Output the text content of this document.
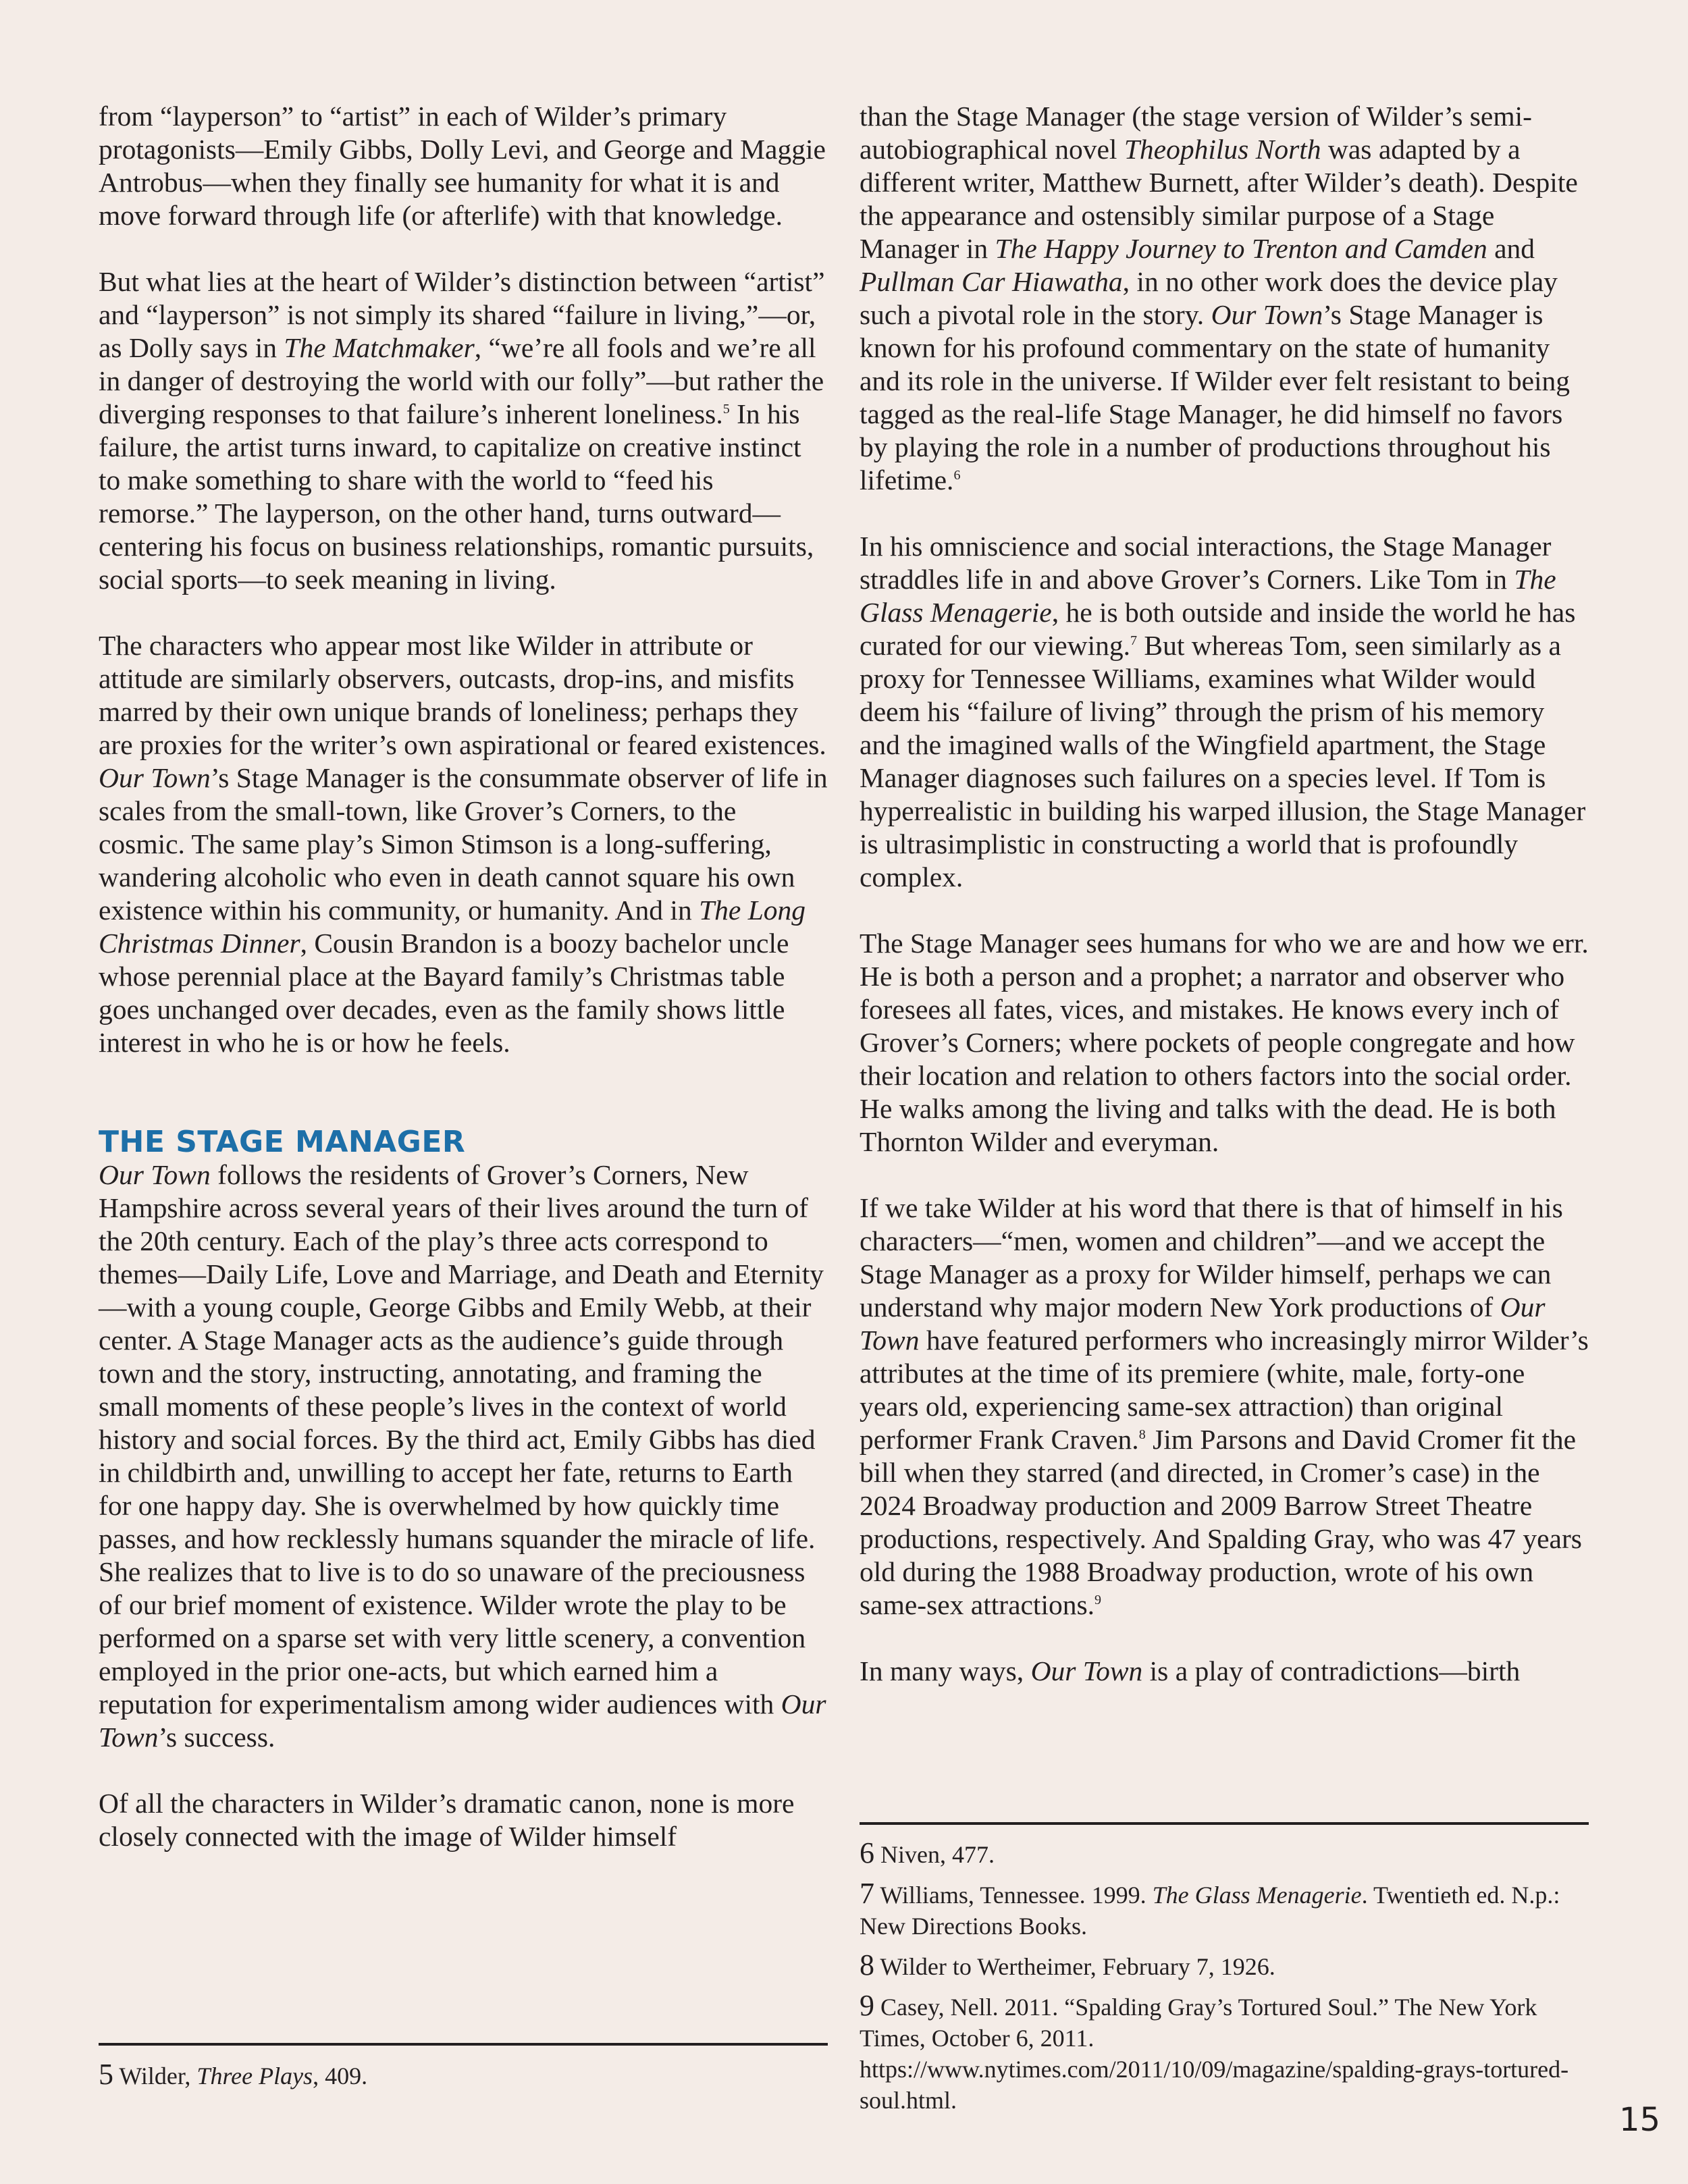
from “layperson” to “artist” in each of Wilder’s primary protagonists—Emily Gibbs, Dolly Levi, and George and Maggie Antrobus—when they finally see humanity for what it is and move forward through life (or afterlife) with that knowledge.

But what lies at the heart of Wilder’s distinction between “artist” and “layperson” is not simply its shared “failure in living,”—or, as Dolly says in The Matchmaker, “we’re all fools and we’re all in danger of destroying the world with our folly”—but rather the diverging responses to that failure’s inherent loneliness.$^5$ In his failure, the artist turns inward, to capitalize on creative instinct to make something to share with the world to “feed his remorse.” The layperson, on the other hand, turns outward—centering his focus on business relationships, romantic pursuits, social sports—to seek meaning in living.

The characters who appear most like Wilder in attribute or attitude are similarly observers, outcasts, drop-ins, and misfits marred by their own unique brands of loneliness; perhaps they are proxies for the writer’s own aspirational or feared existences. Our Town’s Stage Manager is the consummate observer of life in scales from the small-town, like Grover’s Corners, to the cosmic. The same play’s Simon Stimson is a long-suffering, wandering alcoholic who even in death cannot square his own existence within his community, or humanity. And in The Long Christmas Dinner, Cousin Brandon is a boozy bachelor uncle whose perennial place at the Bayard family’s Christmas table goes unchanged over decades, even as the family shows little interest in who he is or how he feels.

THE STAGE MANAGER

Our Town follows the residents of Grover’s Corners, New Hampshire across several years of their lives around the turn of the 20th century. Each of the play’s three acts correspond to themes—Daily Life, Love and Marriage, and Death and Eternity—with a young couple, George Gibbs and Emily Webb, at their center. A Stage Manager acts as the audience’s guide through town and the story, instructing, annotating, and framing the small moments of these people’s lives in the context of world history and social forces. By the third act, Emily Gibbs has died in childbirth and, unwilling to accept her fate, returns to Earth for one happy day. She is overwhelmed by how quickly time passes, and how recklessly humans squander the miracle of life. She realizes that to live is to do so unaware of the preciousness of our brief moment of existence. Wilder wrote the play to be performed on a sparse set with very little scenery, a convention employed in the prior one-acts, but which earned him a reputation for experimentalism among wider audiences with Our Town’s success.

Of all the characters in Wilder’s dramatic canon, none is more closely connected with the image of Wilder himself

5 Wilder, Three Plays, 409.

than the Stage Manager (the stage version of Wilder’s semi-autobiographical novel Theophilus North was adapted by a different writer, Matthew Burnett, after Wilder’s death). Despite the appearance and ostensibly similar purpose of a Stage Manager in The Happy Journey to Trenton and Camden and Pullman Car Hiawatha, in no other work does the device play such a pivotal role in the story. Our Town’s Stage Manager is known for his profound commentary on the state of humanity and its role in the universe. If Wilder ever felt resistant to being tagged as the real-life Stage Manager, he did himself no favors by playing the role in a number of productions throughout his lifetime.$^6$

In his omniscience and social interactions, the Stage Manager straddles life in and above Grover’s Corners. Like Tom in The Glass Menagerie, he is both outside and inside the world he has curated for our viewing.$^7$ But whereas Tom, seen similarly as a proxy for Tennessee Williams, examines what Wilder would deem his “failure of living” through the prism of his memory and the imagined walls of the Wingfield apartment, the Stage Manager diagnoses such failures on a species level. If Tom is hyperrealistic in building his warped illusion, the Stage Manager is ultrasimplistic in constructing a world that is profoundly complex.

The Stage Manager sees humans for who we are and how we err. He is both a person and a prophet; a narrator and observer who foresees all fates, vices, and mistakes. He knows every inch of Grover’s Corners; where pockets of people congregate and how their location and relation to others factors into the social order. He walks among the living and talks with the dead. He is both Thornton Wilder and everyman.

If we take Wilder at his word that there is that of himself in his characters—“men, women and children”—and we accept the Stage Manager as a proxy for Wilder himself, perhaps we can understand why major modern New York productions of Our Town have featured performers who increasingly mirror Wilder’s attributes at the time of its premiere (white, male, forty-one years old, experiencing same-sex attraction) than original performer Frank Craven.$^8$ Jim Parsons and David Cromer fit the bill when they starred (and directed, in Cromer’s case) in the 2024 Broadway production and 2009 Barrow Street Theatre productions, respectively. And Spalding Gray, who was 47 years old during the 1988 Broadway production, wrote of his own same-sex attractions.$^9$

In many ways, Our Town is a play of contradictions—birth

6 Niven, 477.

7 Williams, Tennessee. 1999. The Glass Menagerie. Twentieth ed. N.p.: New Directions Books.

8 Wilder to Wertheimer, February 7, 1926.

9 Casey, Nell. 2011. “Spalding Gray’s Tortured Soul.” The New York Times, October 6, 2011. https://www.nytimes.com/2011/10/09/magazine/spalding-grays-tortured-soul.html.

15
